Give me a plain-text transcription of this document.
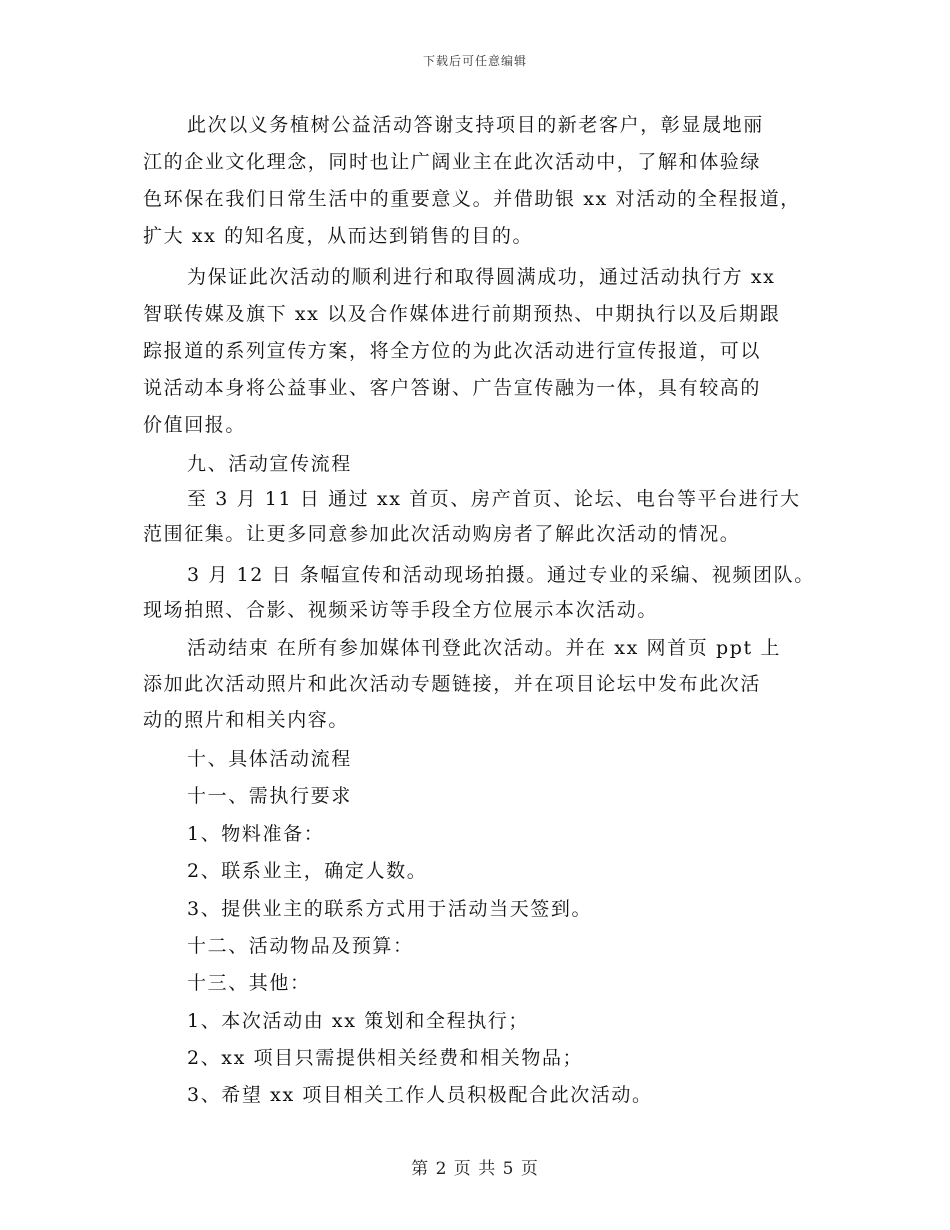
下载后可任意编辑
此次以义务植树公益活动答谢支持项目的新老客户，彰显晟地丽
江的企业文化理念，同时也让广阔业主在此次活动中，了解和体验绿
色环保在我们日常生活中的重要意义。并借助银 xx 对活动的全程报道，
扩大 xx 的知名度，从而达到销售的目的。
为保证此次活动的顺利进行和取得圆满成功，通过活动执行方 xx
智联传媒及旗下 xx 以及合作媒体进行前期预热、中期执行以及后期跟
踪报道的系列宣传方案，将全方位的为此次活动进行宣传报道，可以
说活动本身将公益事业、客户答谢、广告宣传融为一体，具有较高的
价值回报。
九、活动宣传流程
至 3 月 11 日 通过 xx 首页、房产首页、论坛、电台等平台进行大
范围征集。让更多同意参加此次活动购房者了解此次活动的情况。
3 月 12 日 条幅宣传和活动现场拍摄。通过专业的采编、视频团队。
现场拍照、合影、视频采访等手段全方位展示本次活动。
活动结束 在所有参加媒体刊登此次活动。并在 xx 网首页 ppt 上
添加此次活动照片和此次活动专题链接，并在项目论坛中发布此次活
动的照片和相关内容。
十、具体活动流程
十一、需执行要求
1、物料准备：
2、联系业主，确定人数。
3、提供业主的联系方式用于活动当天签到。
十二、活动物品及预算：
十三、其他：
1、本次活动由 xx 策划和全程执行；
2、xx 项目只需提供相关经费和相关物品；
3、希望 xx 项目相关工作人员积极配合此次活动。
第 2 页 共 5 页
